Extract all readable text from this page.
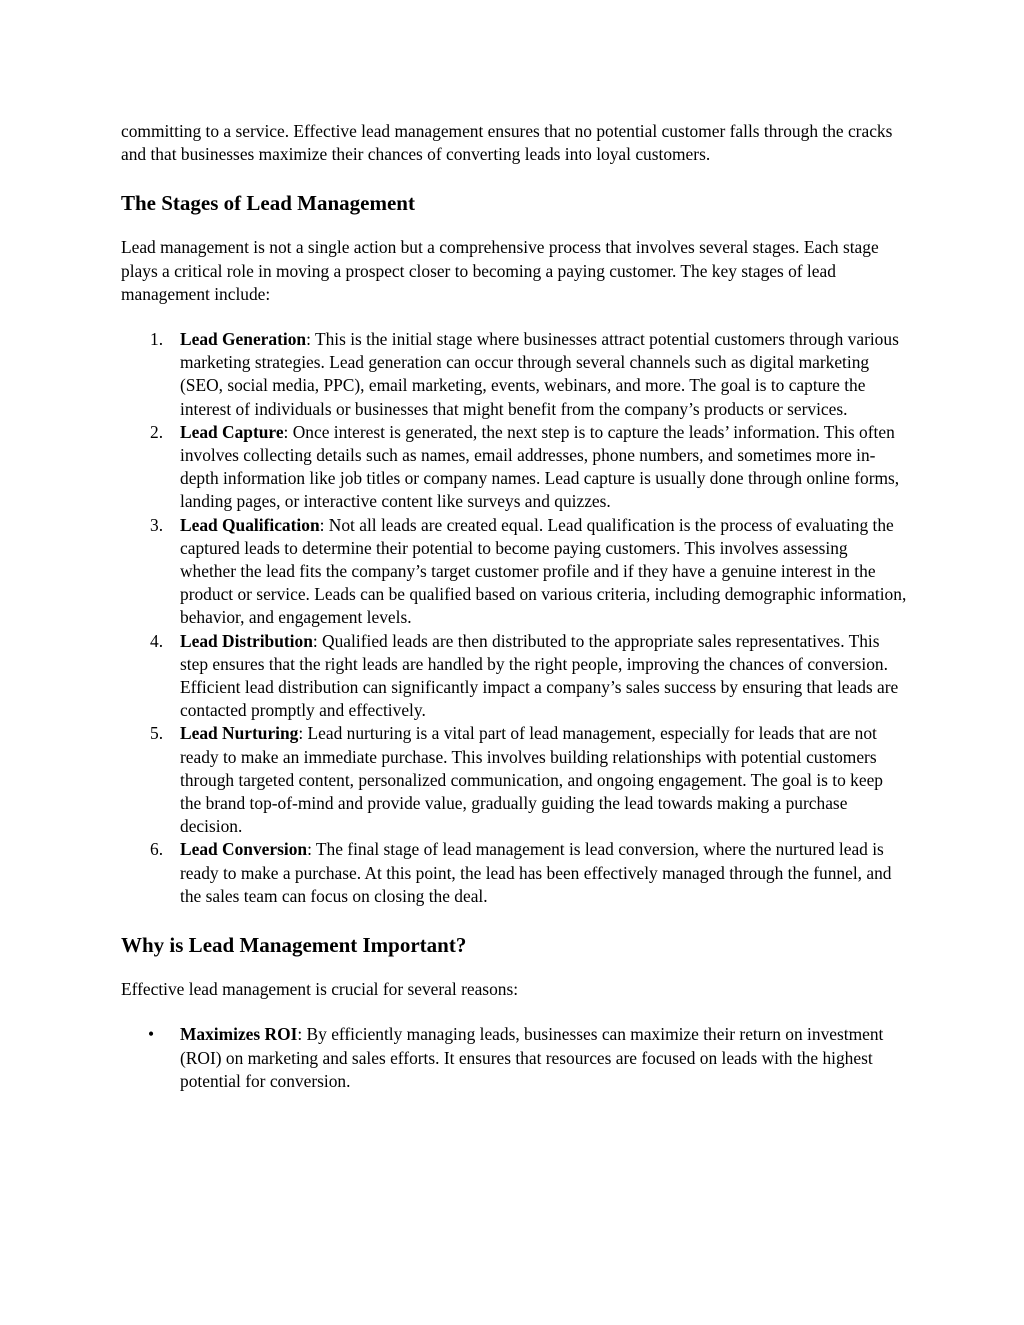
committing to a service. Effective lead management ensures that no potential customer falls through the cracks and that businesses maximize their chances of converting leads into loyal customers.

The Stages of Lead Management

Lead management is not a single action but a comprehensive process that involves several stages. Each stage plays a critical role in moving a prospect closer to becoming a paying customer. The key stages of lead management include:

1. Lead Generation: This is the initial stage where businesses attract potential customers through various marketing strategies. Lead generation can occur through several channels such as digital marketing (SEO, social media, PPC), email marketing, events, webinars, and more. The goal is to capture the interest of individuals or businesses that might benefit from the company’s products or services.
2. Lead Capture: Once interest is generated, the next step is to capture the leads’ information. This often involves collecting details such as names, email addresses, phone numbers, and sometimes more in-depth information like job titles or company names. Lead capture is usually done through online forms, landing pages, or interactive content like surveys and quizzes.
3. Lead Qualification: Not all leads are created equal. Lead qualification is the process of evaluating the captured leads to determine their potential to become paying customers. This involves assessing whether the lead fits the company’s target customer profile and if they have a genuine interest in the product or service. Leads can be qualified based on various criteria, including demographic information, behavior, and engagement levels.
4. Lead Distribution: Qualified leads are then distributed to the appropriate sales representatives. This step ensures that the right leads are handled by the right people, improving the chances of conversion. Efficient lead distribution can significantly impact a company’s sales success by ensuring that leads are contacted promptly and effectively.
5. Lead Nurturing: Lead nurturing is a vital part of lead management, especially for leads that are not ready to make an immediate purchase. This involves building relationships with potential customers through targeted content, personalized communication, and ongoing engagement. The goal is to keep the brand top-of-mind and provide value, gradually guiding the lead towards making a purchase decision.
6. Lead Conversion: The final stage of lead management is lead conversion, where the nurtured lead is ready to make a purchase. At this point, the lead has been effectively managed through the funnel, and the sales team can focus on closing the deal.
Why is Lead Management Important?

Effective lead management is crucial for several reasons:

• Maximizes ROI: By efficiently managing leads, businesses can maximize their return on investment (ROI) on marketing and sales efforts. It ensures that resources are focused on leads with the highest potential for conversion.
